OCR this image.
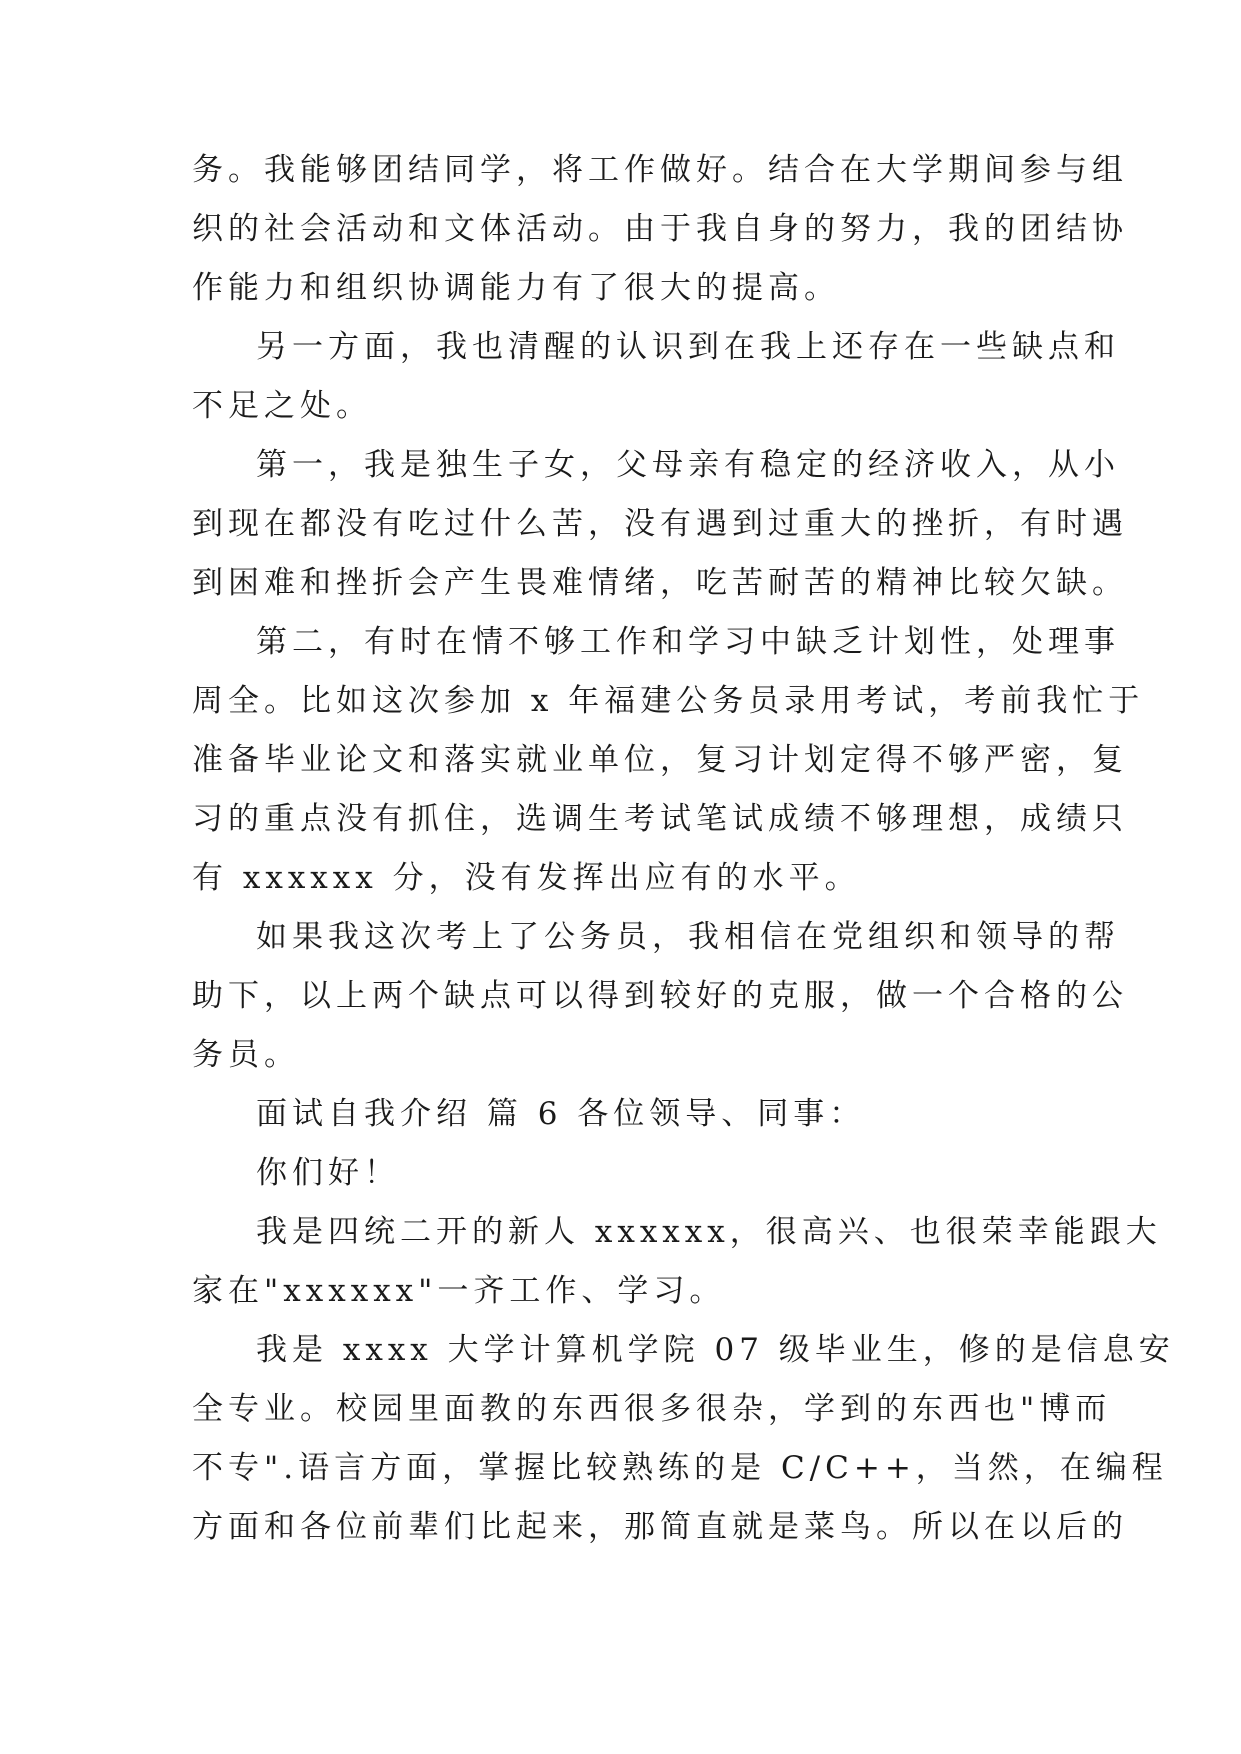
务。我能够团结同学，将工作做好。结合在大学期间参与组
织的社会活动和文体活动。由于我自身的努力，我的团结协
作能力和组织协调能力有了很大的提高。
另一方面，我也清醒的认识到在我上还存在一些缺点和
不足之处。
第一，我是独生子女，父母亲有稳定的经济收入，从小
到现在都没有吃过什么苦，没有遇到过重大的挫折，有时遇
到困难和挫折会产生畏难情绪，吃苦耐苦的精神比较欠缺。
第二，有时在情不够工作和学习中缺乏计划性，处理事
周全。比如这次参加 x 年福建公务员录用考试，考前我忙于
准备毕业论文和落实就业单位，复习计划定得不够严密，复
习的重点没有抓住，选调生考试笔试成绩不够理想，成绩只
有 xxxxxx 分，没有发挥出应有的水平。
如果我这次考上了公务员，我相信在党组织和领导的帮
助下，以上两个缺点可以得到较好的克服，做一个合格的公
务员。
面试自我介绍 篇 6 各位领导、同事：
你们好！
我是四统二开的新人 xxxxxx，很高兴、也很荣幸能跟大
家在"xxxxxx"一齐工作、学习。
我是 xxxx 大学计算机学院 07 级毕业生，修的是信息安
全专业。校园里面教的东西很多很杂，学到的东西也"博而
不专".语言方面，掌握比较熟练的是 C/C++，当然，在编程
方面和各位前辈们比起来，那简直就是菜鸟。所以在以后的
